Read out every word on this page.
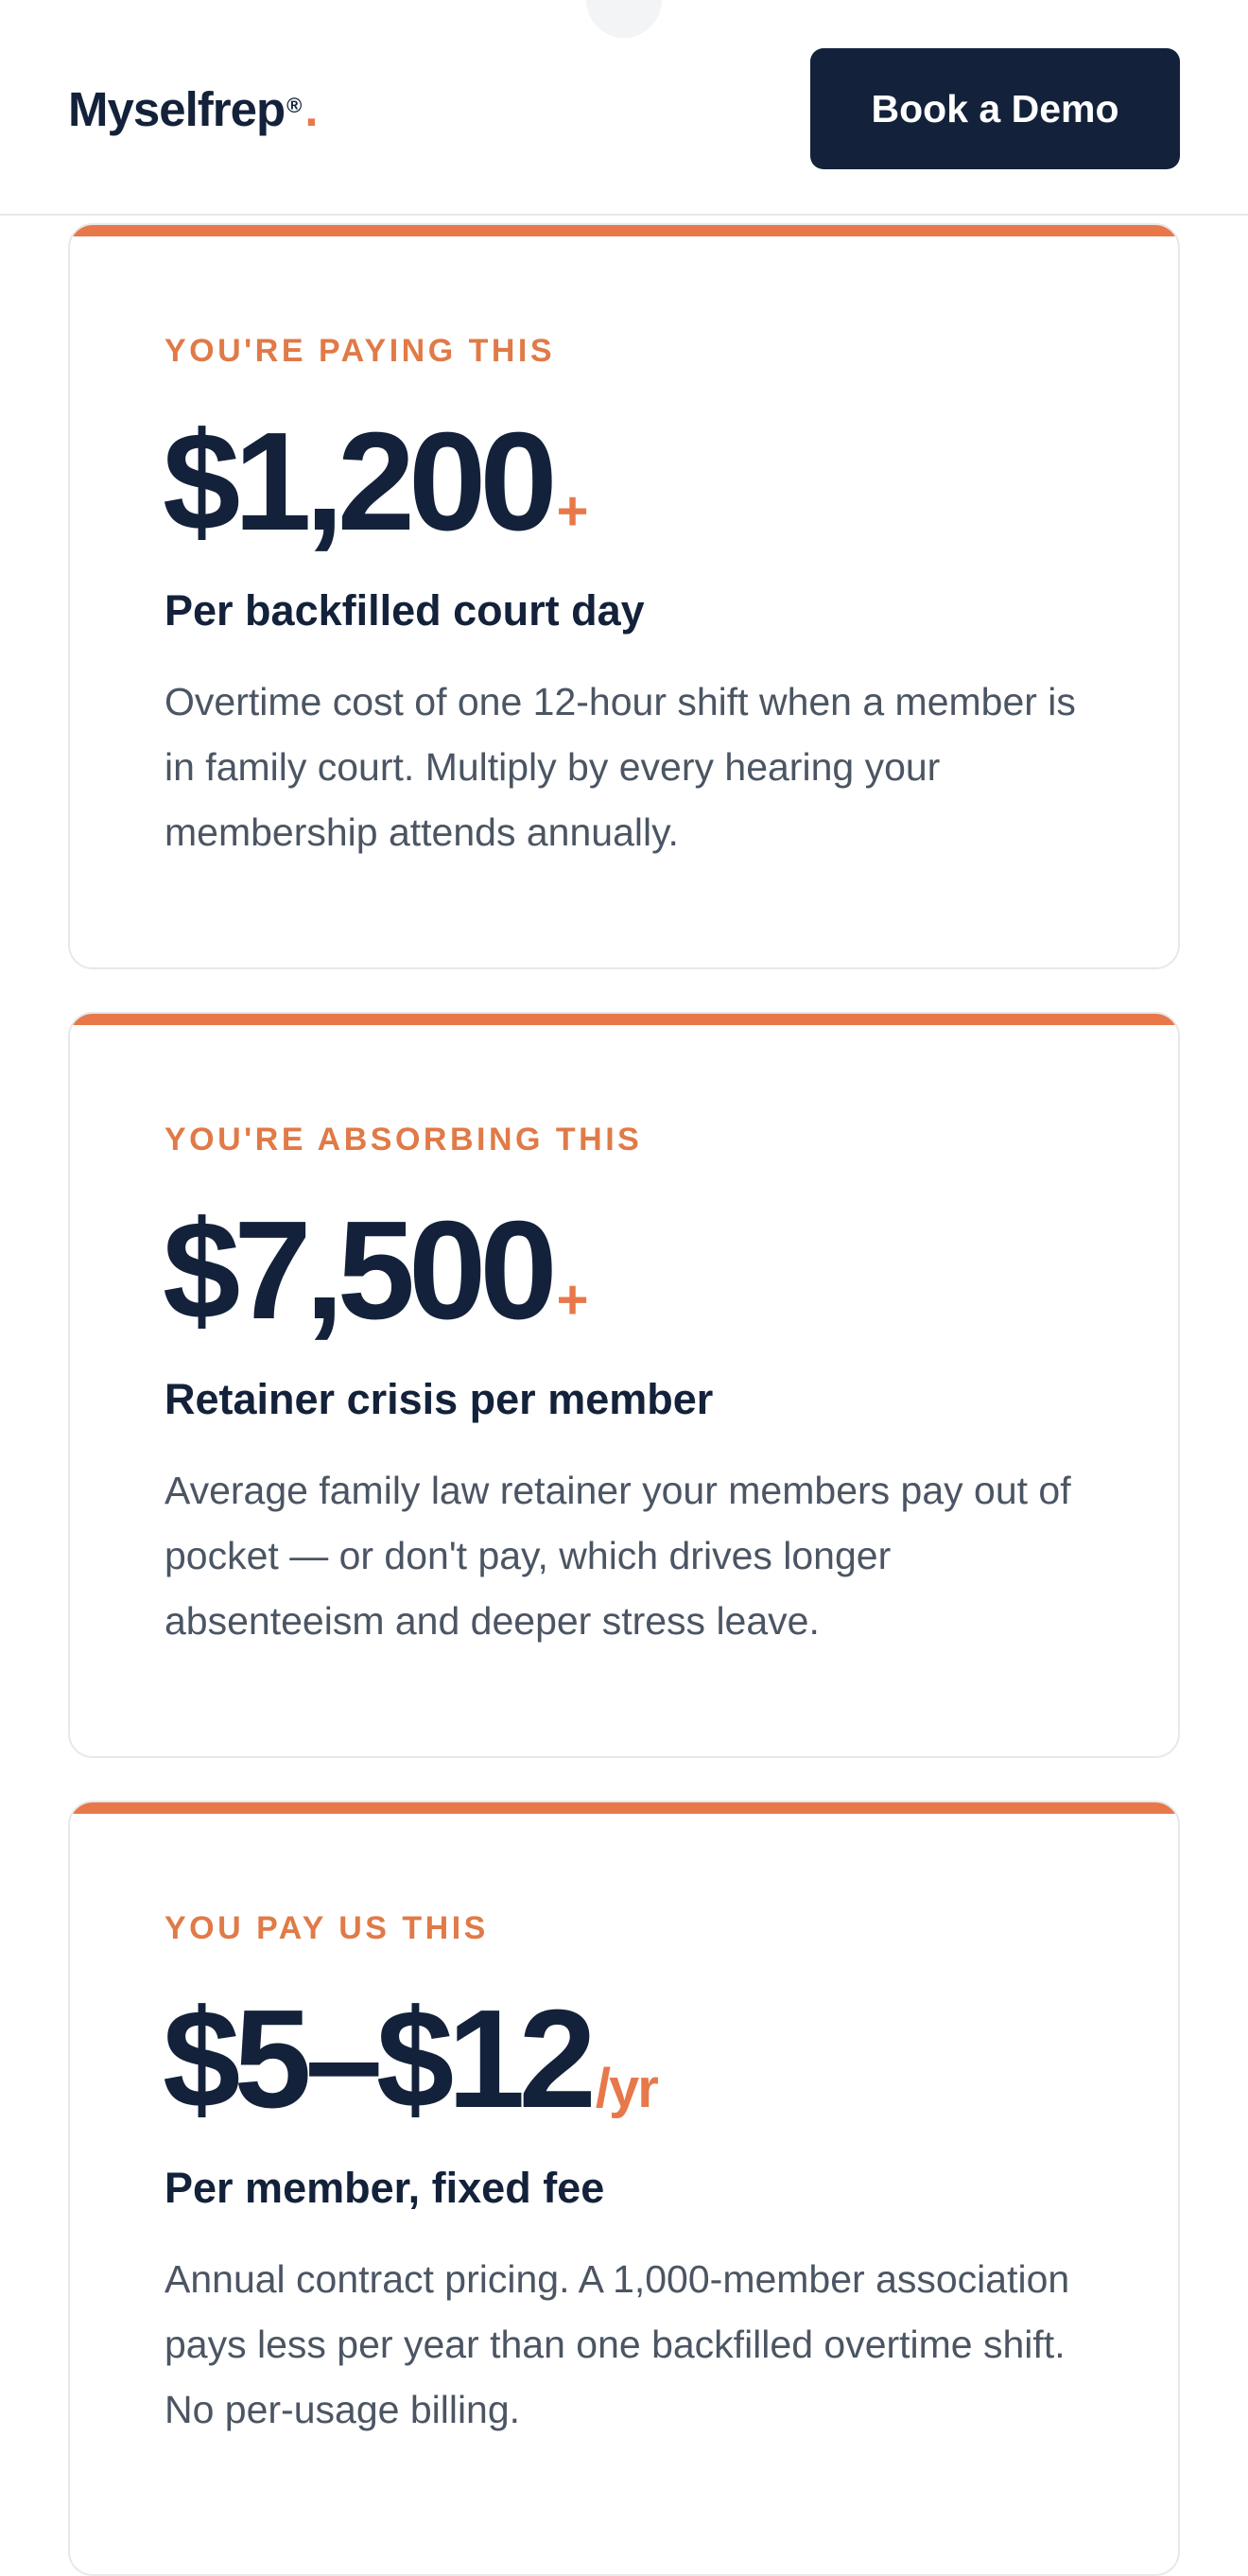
Myselfrep®.	Book a Demo
YOU'RE PAYING THIS
$1,200 +
Per backfilled court day
Overtime cost of one 12-hour shift when a member is in family court. Multiply by every hearing your membership attends annually.
YOU'RE ABSORBING THIS
$7,500 +
Retainer crisis per member
Average family law retainer your members pay out of pocket — or don't pay, which drives longer absenteeism and deeper stress leave.
YOU PAY US THIS
$5–$12 /yr
Per member, fixed fee
Annual contract pricing. A 1,000-member association pays less per year than one backfilled overtime shift. No per-usage billing.
